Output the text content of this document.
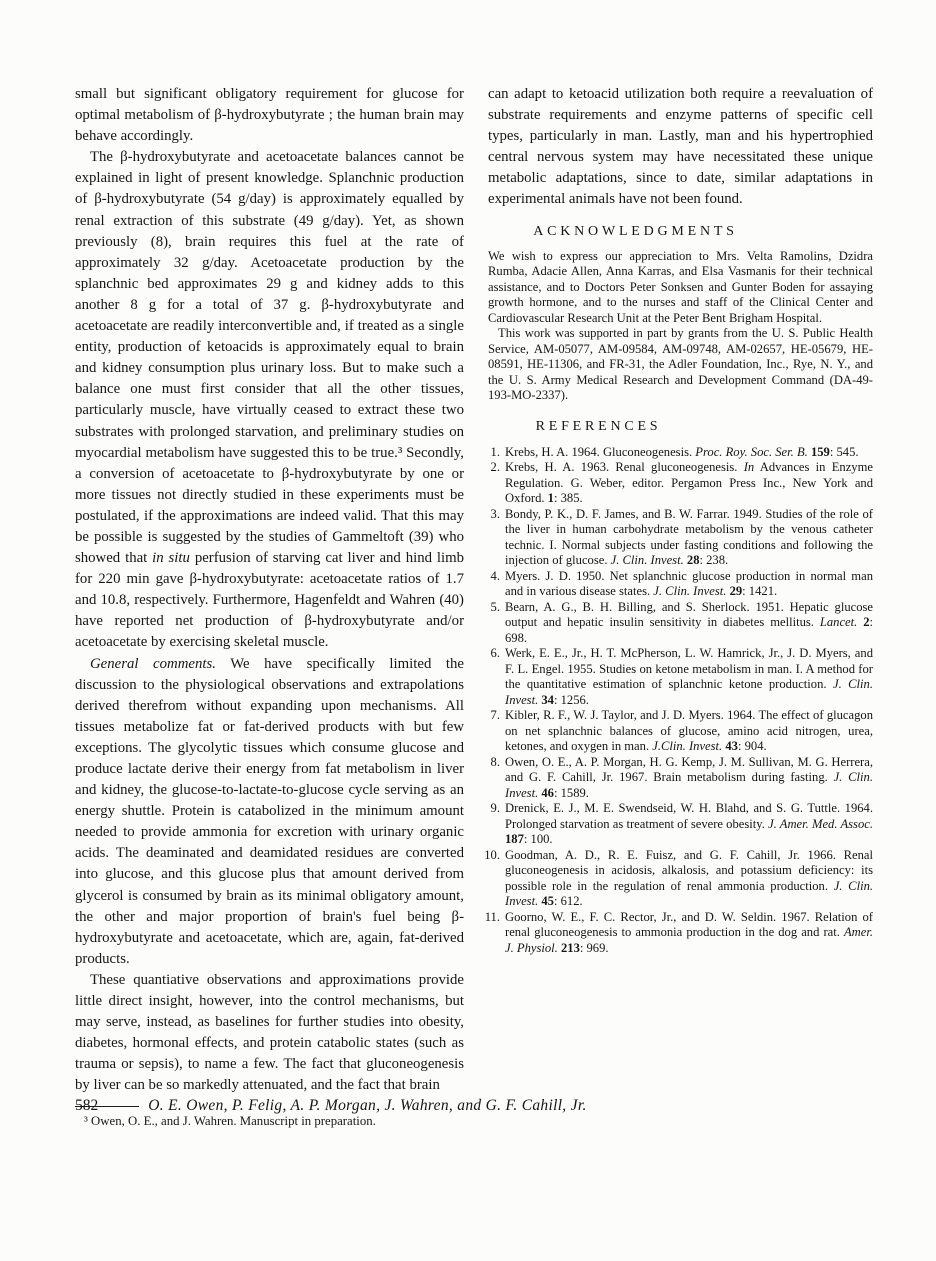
small but significant obligatory requirement for glucose for optimal metabolism of β-hydroxybutyrate ; the human brain may behave accordingly.

The β-hydroxybutyrate and acetoacetate balances cannot be explained in light of present knowledge. Splanchnic production of β-hydroxybutyrate (54 g/day) is approximately equalled by renal extraction of this substrate (49 g/day). Yet, as shown previously (8), brain requires this fuel at the rate of approximately 32 g/day. Acetoacetate production by the splanchnic bed approximates 29 g and kidney adds to this another 8 g for a total of 37 g. β-hydroxybutyrate and acetoacetate are readily interconvertible and, if treated as a single entity, production of ketoacids is approximately equal to brain and kidney consumption plus urinary loss. But to make such a balance one must first consider that all the other tissues, particularly muscle, have virtually ceased to extract these two substrates with prolonged starvation, and preliminary studies on myocardial metabolism have suggested this to be true.³ Secondly, a conversion of acetoacetate to β-hydroxybutyrate by one or more tissues not directly studied in these experiments must be postulated, if the approximations are indeed valid. That this may be possible is suggested by the studies of Gammeltoft (39) who showed that in situ perfusion of starving cat liver and hind limb for 220 min gave β-hydroxybutyrate: acetoacetate ratios of 1.7 and 10.8, respectively. Furthermore, Hagenfeldt and Wahren (40) have reported net production of β-hydroxybutyrate and/or acetoacetate by exercising skeletal muscle.

General comments. We have specifically limited the discussion to the physiological observations and extrapolations derived therefrom without expanding upon mechanisms. All tissues metabolize fat or fat-derived products with but few exceptions. The glycolytic tissues which consume glucose and produce lactate derive their energy from fat metabolism in liver and kidney, the glucose-to-lactate-to-glucose cycle serving as an energy shuttle. Protein is catabolized in the minimum amount needed to provide ammonia for excretion with urinary organic acids. The deaminated and deamidated residues are converted into glucose, and this glucose plus that amount derived from glycerol is consumed by brain as its minimal obligatory amount, the other and major proportion of brain's fuel being β-hydroxybutyrate and acetoacetate, which are, again, fat-derived products.

These quantiative observations and approximations provide little direct insight, however, into the control mechanisms, but may serve, instead, as baselines for further studies into obesity, diabetes, hormonal effects, and protein catabolic states (such as trauma or sepsis), to name a few. The fact that gluconeogenesis by liver can be so markedly attenuated, and the fact that brain

³ Owen, O. E., and J. Wahren. Manuscript in preparation.

can adapt to ketoacid utilization both require a reevaluation of substrate requirements and enzyme patterns of specific cell types, particularly in man. Lastly, man and his hypertrophied central nervous system may have necessitated these unique metabolic adaptations, since to date, similar adaptations in experimental animals have not been found.

ACKNOWLEDGMENTS

We wish to express our appreciation to Mrs. Velta Ramolins, Dzidra Rumba, Adacie Allen, Anna Karras, and Elsa Vasmanis for their technical assistance, and to Doctors Peter Sonksen and Gunter Boden for assaying growth hormone, and to the nurses and staff of the Clinical Center and Cardiovascular Research Unit at the Peter Bent Brigham Hospital.

This work was supported in part by grants from the U. S. Public Health Service, AM-05077, AM-09584, AM-09748, AM-02657, HE-05679, HE-08591, HE-11306, and FR-31, the Adler Foundation, Inc., Rye, N. Y., and the U. S. Army Medical Research and Development Command (DA-49-193-MO-2337).

REFERENCES
1. Krebs, H. A. 1964. Gluconeogenesis. Proc. Roy. Soc. Ser. B. 159: 545.
2. Krebs, H. A. 1963. Renal gluconeogenesis. In Advances in Enzyme Regulation. G. Weber, editor. Pergamon Press Inc., New York and Oxford. 1: 385.
3. Bondy, P. K., D. F. James, and B. W. Farrar. 1949. Studies of the role of the liver in human carbohydrate metabolism by the venous catheter technic. I. Normal subjects under fasting conditions and following the injection of glucose. J. Clin. Invest. 28: 238.
4. Myers. J. D. 1950. Net splanchnic glucose production in normal man and in various disease states. J. Clin. Invest. 29: 1421.
5. Bearn, A. G., B. H. Billing, and S. Sherlock. 1951. Hepatic glucose output and hepatic insulin sensitivity in diabetes mellitus. Lancet. 2: 698.
6. Werk, E. E., Jr., H. T. McPherson, L. W. Hamrick, Jr., J. D. Myers, and F. L. Engel. 1955. Studies on ketone metabolism in man. I. A method for the quantitative estimation of splanchnic ketone production. J. Clin. Invest. 34: 1256.
7. Kibler, R. F., W. J. Taylor, and J. D. Myers. 1964. The effect of glucagon on net splanchnic balances of glucose, amino acid nitrogen, urea, ketones, and oxygen in man. J.Clin. Invest. 43: 904.
8. Owen, O. E., A. P. Morgan, H. G. Kemp, J. M. Sullivan, M. G. Herrera, and G. F. Cahill, Jr. 1967. Brain metabolism during fasting. J. Clin. Invest. 46: 1589.
9. Drenick, E. J., M. E. Swendseid, W. H. Blahd, and S. G. Tuttle. 1964. Prolonged starvation as treatment of severe obesity. J. Amer. Med. Assoc. 187: 100.
10. Goodman, A. D., R. E. Fuisz, and G. F. Cahill, Jr. 1966. Renal gluconeogenesis in acidosis, alkalosis, and potassium deficiency: its possible role in the regulation of renal ammonia production. J. Clin. Invest. 45: 612.
11. Goorno, W. E., F. C. Rector, Jr., and D. W. Seldin. 1967. Relation of renal gluconeogenesis to ammonia production in the dog and rat. Amer. J. Physiol. 213: 969.
582	O. E. Owen, P. Felig, A. P. Morgan, J. Wahren, and G. F. Cahill, Jr.
